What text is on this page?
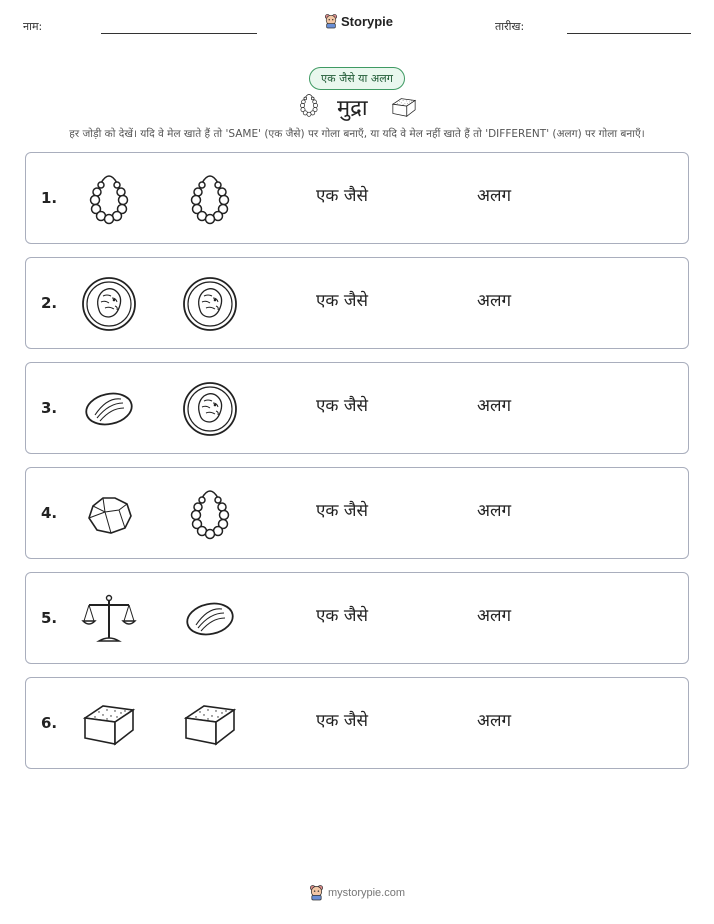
नाम:	Storypie	तारीख:
एक जैसे या अलग
मुद्रा
हर जोड़ी को देखें। यदि वे मेल खाते हैं तो 'SAME' (एक जैसे) पर गोला बनाएँ, या यदि वे मेल नहीं खाते हैं तो 'DIFFERENT' (अलग) पर गोला बनाएँ।
1.	एक जैसे	अलग
2.	एक जैसे	अलग
3.	एक जैसे	अलग
4.	एक जैसे	अलग
5.	एक जैसे	अलग
6.	एक जैसे	अलग
mystorypie.com
